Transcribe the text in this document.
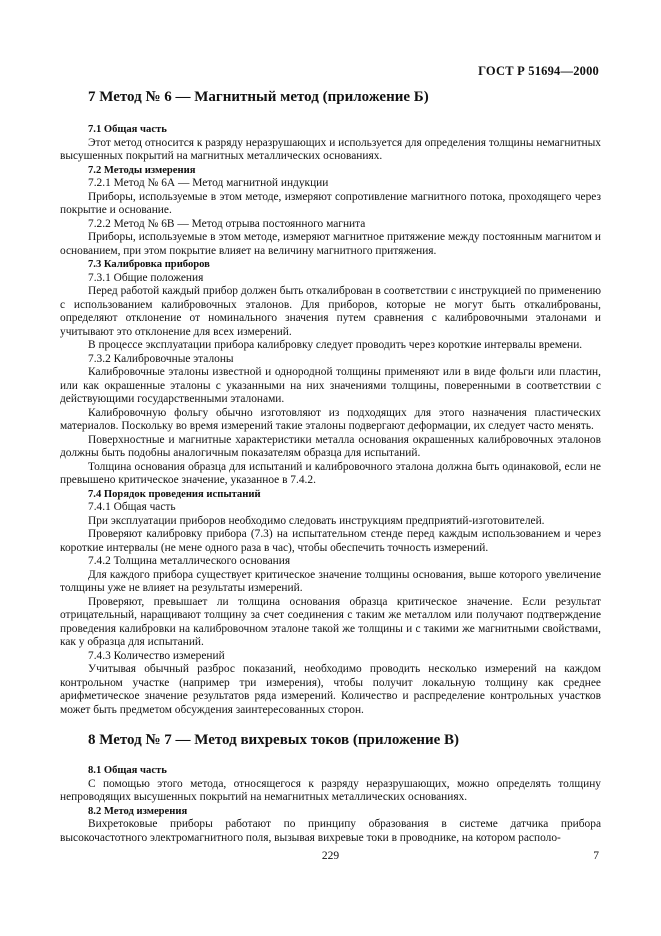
ГОСТ Р 51694—2000
7 Метод № 6 — Магнитный метод (приложение Б)

7.1 Общая часть

Этот метод относится к разряду неразрушающих и используется для определения толщины немагнитных высушенных покрытий на магнитных металлических основаниях.

7.2 Методы измерения

7.2.1 Метод № 6А — Метод магнитной индукции

Приборы, используемые в этом методе, измеряют сопротивление магнитного потока, проходящего через покрытие и основание.

7.2.2 Метод № 6В — Метод отрыва постоянного магнита

Приборы, используемые в этом методе, измеряют магнитное притяжение между постоянным магнитом и основанием, при этом покрытие влияет на величину магнитного притяжения.

7.3 Калибровка приборов

7.3.1 Общие положения

Перед работой каждый прибор должен быть откалиброван в соответствии с инструкцией по применению с использованием калибровочных эталонов. Для приборов, которые не могут быть откалиброваны, определяют отклонение от номинального значения путем сравнения с калибровочными эталонами и учитывают это отклонение для всех измерений.

В процессе эксплуатации прибора калибровку следует проводить через короткие интервалы времени.

7.3.2 Калибровочные эталоны

Калибровочные эталоны известной и однородной толщины применяют или в виде фольги или пластин, или как окрашенные эталоны с указанными на них значениями толщины, поверенными в соответствии с действующими государственными эталонами.

Калибровочную фольгу обычно изготовляют из подходящих для этого назначения пластических материалов. Поскольку во время измерений такие эталоны подвергают деформации, их следует часто менять.

Поверхностные и магнитные характеристики металла основания окрашенных калибровочных эталонов должны быть подобны аналогичным показателям образца для испытаний.

Толщина основания образца для испытаний и калибровочного эталона должна быть одинаковой, если не превышено критическое значение, указанное в 7.4.2.

7.4 Порядок проведения испытаний

7.4.1 Общая часть

При эксплуатации приборов необходимо следовать инструкциям предприятий-изготовителей.

Проверяют калибровку прибора (7.3) на испытательном стенде перед каждым использованием и через короткие интервалы (не мене одного раза в час), чтобы обеспечить точность измерений.

7.4.2 Толщина металлического основания

Для каждого прибора существует критическое значение толщины основания, выше которого увеличение толщины уже не влияет на результаты измерений.

Проверяют, превышает ли толщина основания образца критическое значение. Если результат отрицательный, наращивают толщину за счет соединения с таким же металлом или получают подтверждение проведения калибровки на калибровочном эталоне такой же толщины и с такими же магнитными свойствами, как у образца для испытаний.

7.4.3 Количество измерений

Учитывая обычный разброс показаний, необходимо проводить несколько измерений на каждом контрольном участке (например три измерения), чтобы получит локальную толщину как среднее арифметическое значение результатов ряда измерений. Количество и распределение контрольных участков может быть предметом обсуждения заинтересованных сторон.

8 Метод № 7 — Метод вихревых токов (приложение В)

8.1 Общая часть

С помощью этого метода, относящегося к разряду неразрушающих, можно определять толщину непроводящих высушенных покрытий на немагнитных металлических основаниях.

8.2 Метод измерения

Вихретоковые приборы работают по принципу образования в системе датчика прибора высокочастотного электромагнитного поля, вызывая вихревые токи в проводнике, на котором располо-

229	7
